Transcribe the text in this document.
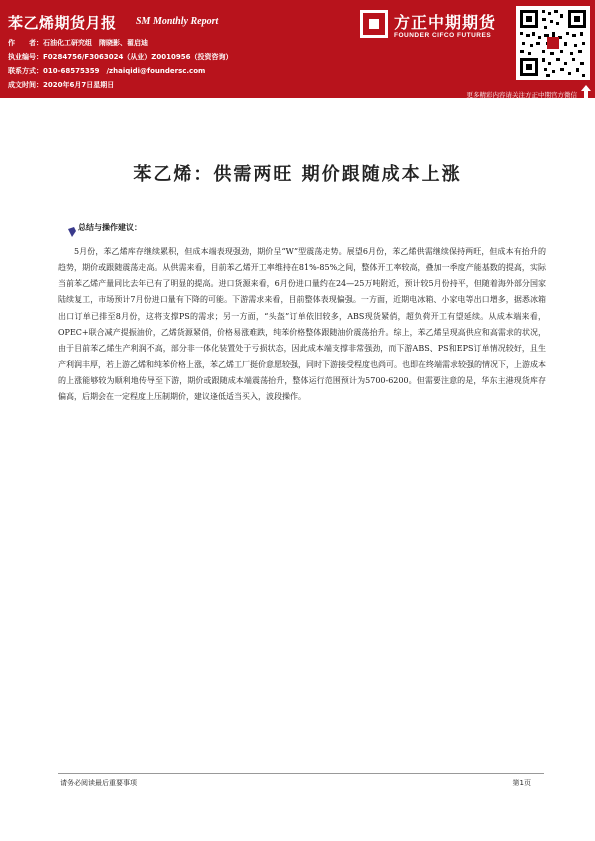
苯乙烯期货月报 SM Monthly Report
作　　者：石油化工研究组　隋晓影、翟启迪
执业编号：F0284756/F3063024（从业）Z0010956（投资咨询）
联系方式：010-68575359　/zhaiqidi@foundersc.com
成文时间：2020年6月7日星期日
方正中期期货
FOUNDER CIFCO FUTURES
更多精彩内容请关注方正中期官方微信
苯乙烯：供需两旺 期价跟随成本上涨
总结与操作建议：
5月份，苯乙烯库存继续累积，但成本端表现强劲，期价呈“W”型震荡走势。展望6月份，苯乙烯供需继续保持两旺，但成本有抬升的趋势，期价或跟随震荡走高。从供需来看，目前苯乙烯开工率维持在81%-85%之间，整体开工率较高，叠加一季度产能基数的提高，实际当前苯乙烯产量同比去年已有了明显的提高。进口货源来看，6月份进口量约在24—25万吨附近，预计较5月份持平，但随着海外部分国家陆续复工，市场预计7月份进口量有下降的可能。下游需求来看，目前整体表现偏强。一方面，近期电冰箱、小家电等出口增多，据悉冰箱出口订单已排至8月份，这将支撑PS的需求；另一方面，“头盔”订单依旧较多，ABS现货紧俏，超负荷开工有望延续。从成本端来看，OPEC+联合减产提振油价，乙烯货源紧俏，价格易涨难跌，纯苯价格整体跟随油价震荡抬升。综上，苯乙烯呈现高供应和高需求的状况，由于目前苯乙烯生产利润不高，部分非一体化装置处于亏损状态，因此成本端支撑非常强劲，而下游ABS、PS和EPS订单情况较好，且生产利润丰厚，若上游乙烯和纯苯价格上涨，苯乙烯工厂挺价意愿较强，同时下游接受程度也尚可。也即在终端需求较强的情况下，上游成本的上涨能够较为顺利地传导至下游，期价或跟随成本端震荡抬升，整体运行范围预计为5700-6200。但需要注意的是，华东主港现货库存偏高，后期会在一定程度上压制期价，建议逢低适当买入，波段操作。
请务必阅读最后重要事项	第1页
